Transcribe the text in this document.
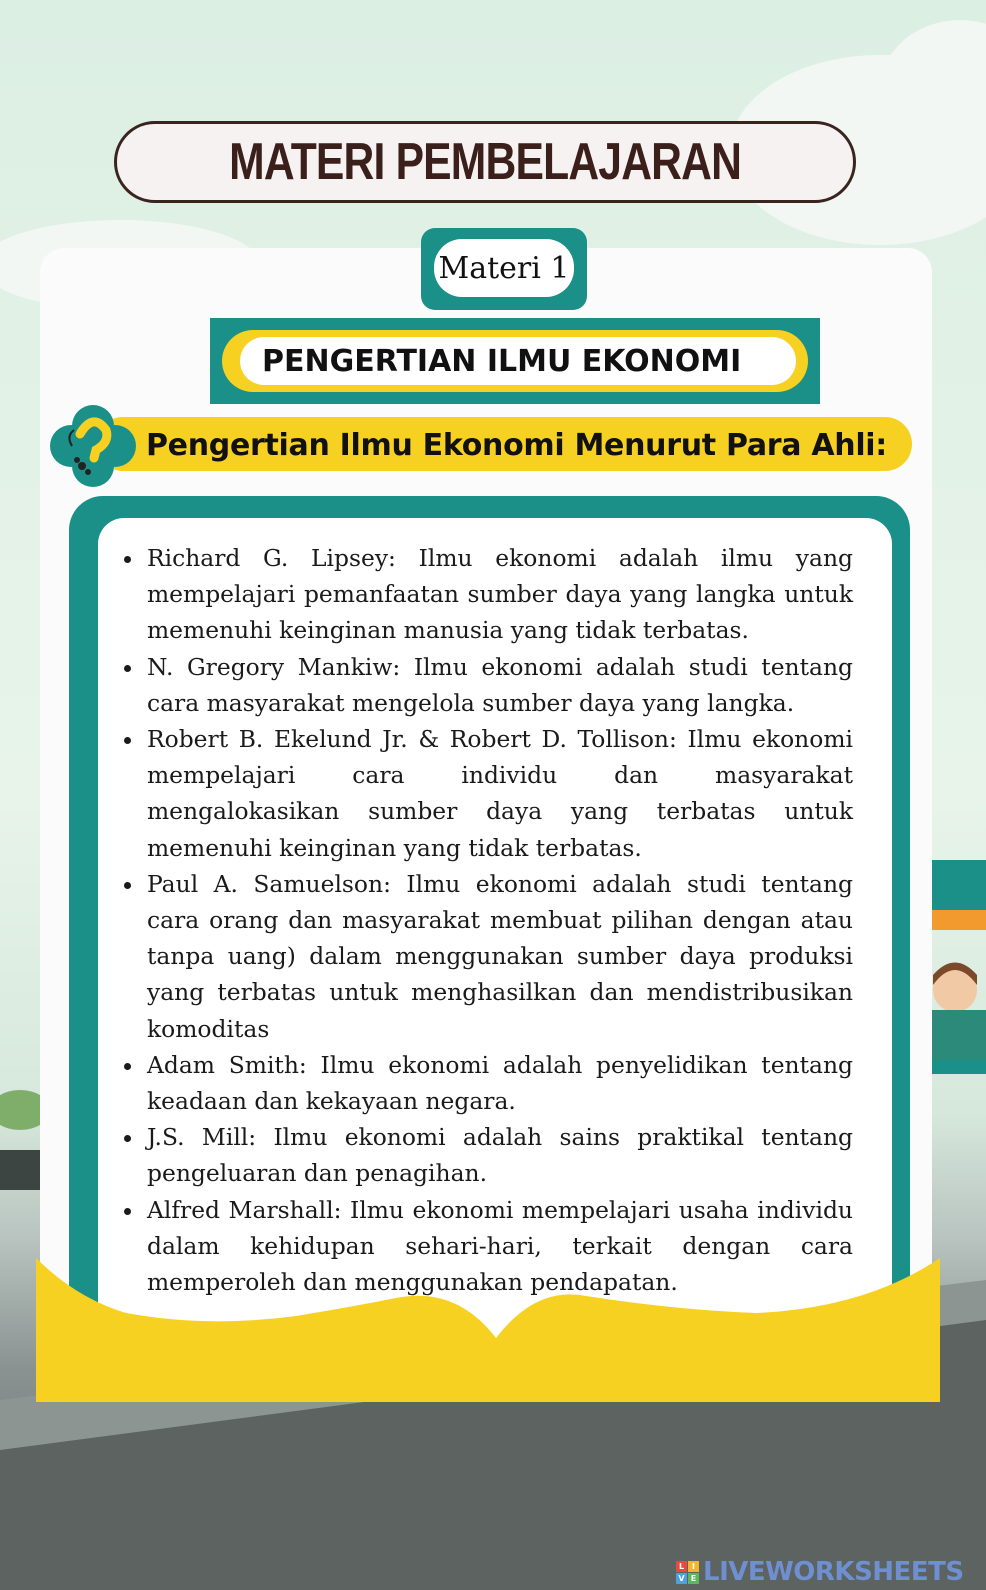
MATERI PEMBELAJARAN
Materi 1
PENGERTIAN ILMU EKONOMI
Pengertian Ilmu Ekonomi Menurut Para Ahli:
Richard G. Lipsey: Ilmu ekonomi adalah ilmu yang mempelajari pemanfaatan sumber daya yang langka untuk memenuhi keinginan manusia yang tidak terbatas.
N. Gregory Mankiw: Ilmu ekonomi adalah studi tentang cara masyarakat mengelola sumber daya yang langka.
Robert B. Ekelund Jr. & Robert D. Tollison: Ilmu ekonomi mempelajari cara individu dan masyarakat mengalokasikan sumber daya yang terbatas untuk memenuhi keinginan yang tidak terbatas.
Paul A. Samuelson: Ilmu ekonomi adalah studi tentang cara orang dan masyarakat membuat pilihan dengan atau tanpa uang) dalam menggunakan sumber daya produksi yang terbatas untuk menghasilkan dan mendistribusikan komoditas
Adam Smith: Ilmu ekonomi adalah penyelidikan tentang keadaan dan kekayaan negara.
J.S. Mill: Ilmu ekonomi adalah sains praktikal tentang pengeluaran dan penagihan.
Alfred Marshall: Ilmu ekonomi mempelajari usaha individu dalam kehidupan sehari-hari, terkait dengan cara memperoleh dan menggunakan pendapatan.
L I
V E LIVEWORKSHEETS
